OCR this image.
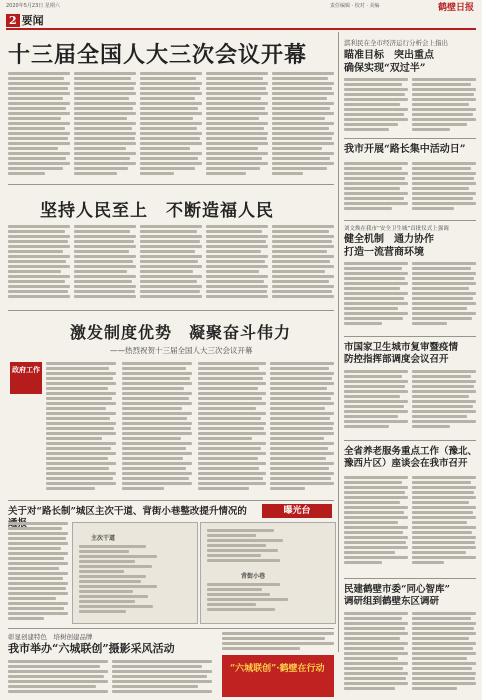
2020年5月23日 星期六	责任编辑 · 校对 · 美编	鹤壁日报
2 要闻
十三届全国人大三次会议开幕
坚持人民至上　不断造福人民
激发制度优势　凝聚奋斗伟力
——热烈祝贺十三届全国人大三次会议开幕
政府工作
关于对“路长制”城区主次干道、背街小巷整改提升情况的	曝光台
主次干道
背街小巷
彰显创建特色　培树创建品牌
我市举办“六城联创”摄影采风活动
“六城联创”·鹤壁在行动
淇利民在全市经济运行分析会上指出
瞄准目标　突出重点
确保实现“双过半”
我市开展“路长集中活动日”
刘文焕在我市“安全卫生城”首批仪式上强调
健全机制　通力协作
打造一流营商环境
市国家卫生城市复审暨疫情
防控指挥部调度会议召开
全省养老服务重点工作（豫北、
豫西片区）座谈会在我市召开
民建鹤壁市委“同心智库”
调研组到鹤壁东区调研
